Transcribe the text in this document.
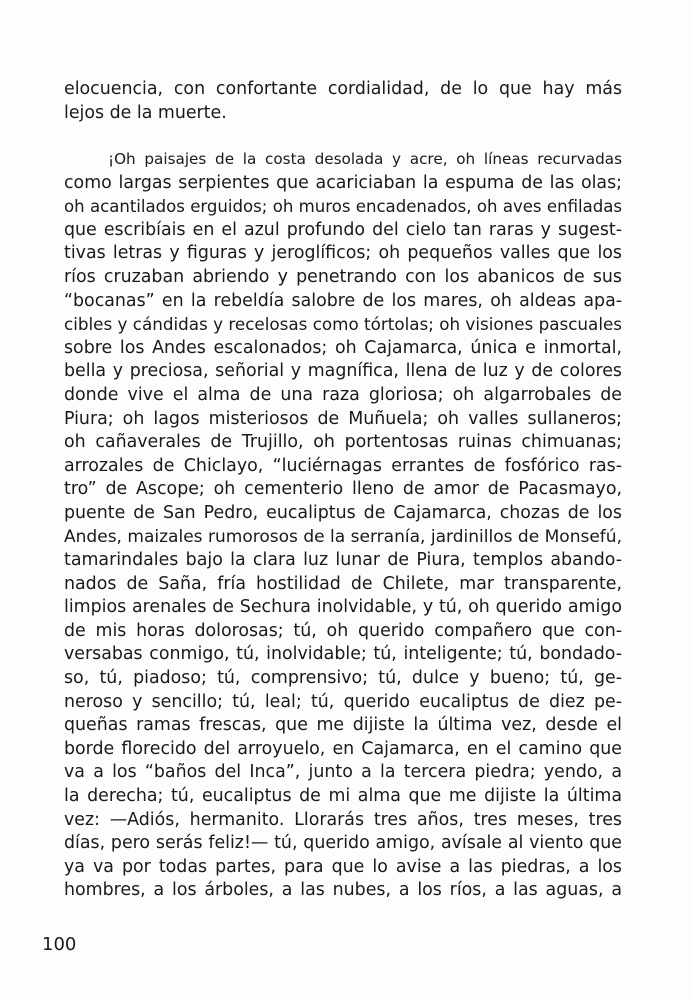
elocuencia, con confortante cordialidad, de lo que hay más
lejos de la muerte.
¡Oh paisajes de la costa desolada y acre, oh líneas recurvadas
como largas serpientes que acariciaban la espuma de las olas;
oh acantilados erguidos; oh muros encadenados, oh aves enfiladas
que escribíais en el azul profundo del cielo tan raras y sugest-
tivas letras y figuras y jeroglíficos; oh pequeños valles que los
ríos cruzaban abriendo y penetrando con los abanicos de sus
“bocanas” en la rebeldía salobre de los mares, oh aldeas apa-
cibles y cándidas y recelosas como tórtolas; oh visiones pascuales
sobre los Andes escalonados; oh Cajamarca, única e inmortal,
bella y preciosa, señorial y magnífica, llena de luz y de colores
donde vive el alma de una raza gloriosa; oh algarrobales de
Piura; oh lagos misteriosos de Muñuela; oh valles sullaneros;
oh cañaverales de Trujillo, oh portentosas ruinas chimuanas;
arrozales de Chiclayo, “luciérnagas errantes de fosfórico ras-
tro” de Ascope; oh cementerio lleno de amor de Pacasmayo,
puente de San Pedro, eucaliptus de Cajamarca, chozas de los
Andes, maizales rumorosos de la serranía, jardinillos de Monsefú,
tamarindales bajo la clara luz lunar de Piura, templos abando-
nados de Saña, fría hostilidad de Chilete, mar transparente,
limpios arenales de Sechura inolvidable, y tú, oh querido amigo
de mis horas dolorosas; tú, oh querido compañero que con-
versabas conmigo, tú, inolvidable; tú, inteligente; tú, bondado-
so, tú, piadoso; tú, comprensivo; tú, dulce y bueno; tú, ge-
neroso y sencillo; tú, leal; tú, querido eucaliptus de diez pe-
queñas ramas frescas, que me dijiste la última vez, desde el
borde florecido del arroyuelo, en Cajamarca, en el camino que
va a los “baños del Inca”, junto a la tercera piedra; yendo, a
la derecha; tú, eucaliptus de mi alma que me dijiste la última
vez: —Adiós, hermanito. Llorarás tres años, tres meses, tres
días, pero serás feliz!— tú, querido amigo, avísale al viento que
ya va por todas partes, para que lo avise a las piedras, a los
hombres, a los árboles, a las nubes, a los ríos, a las aguas, a
100
